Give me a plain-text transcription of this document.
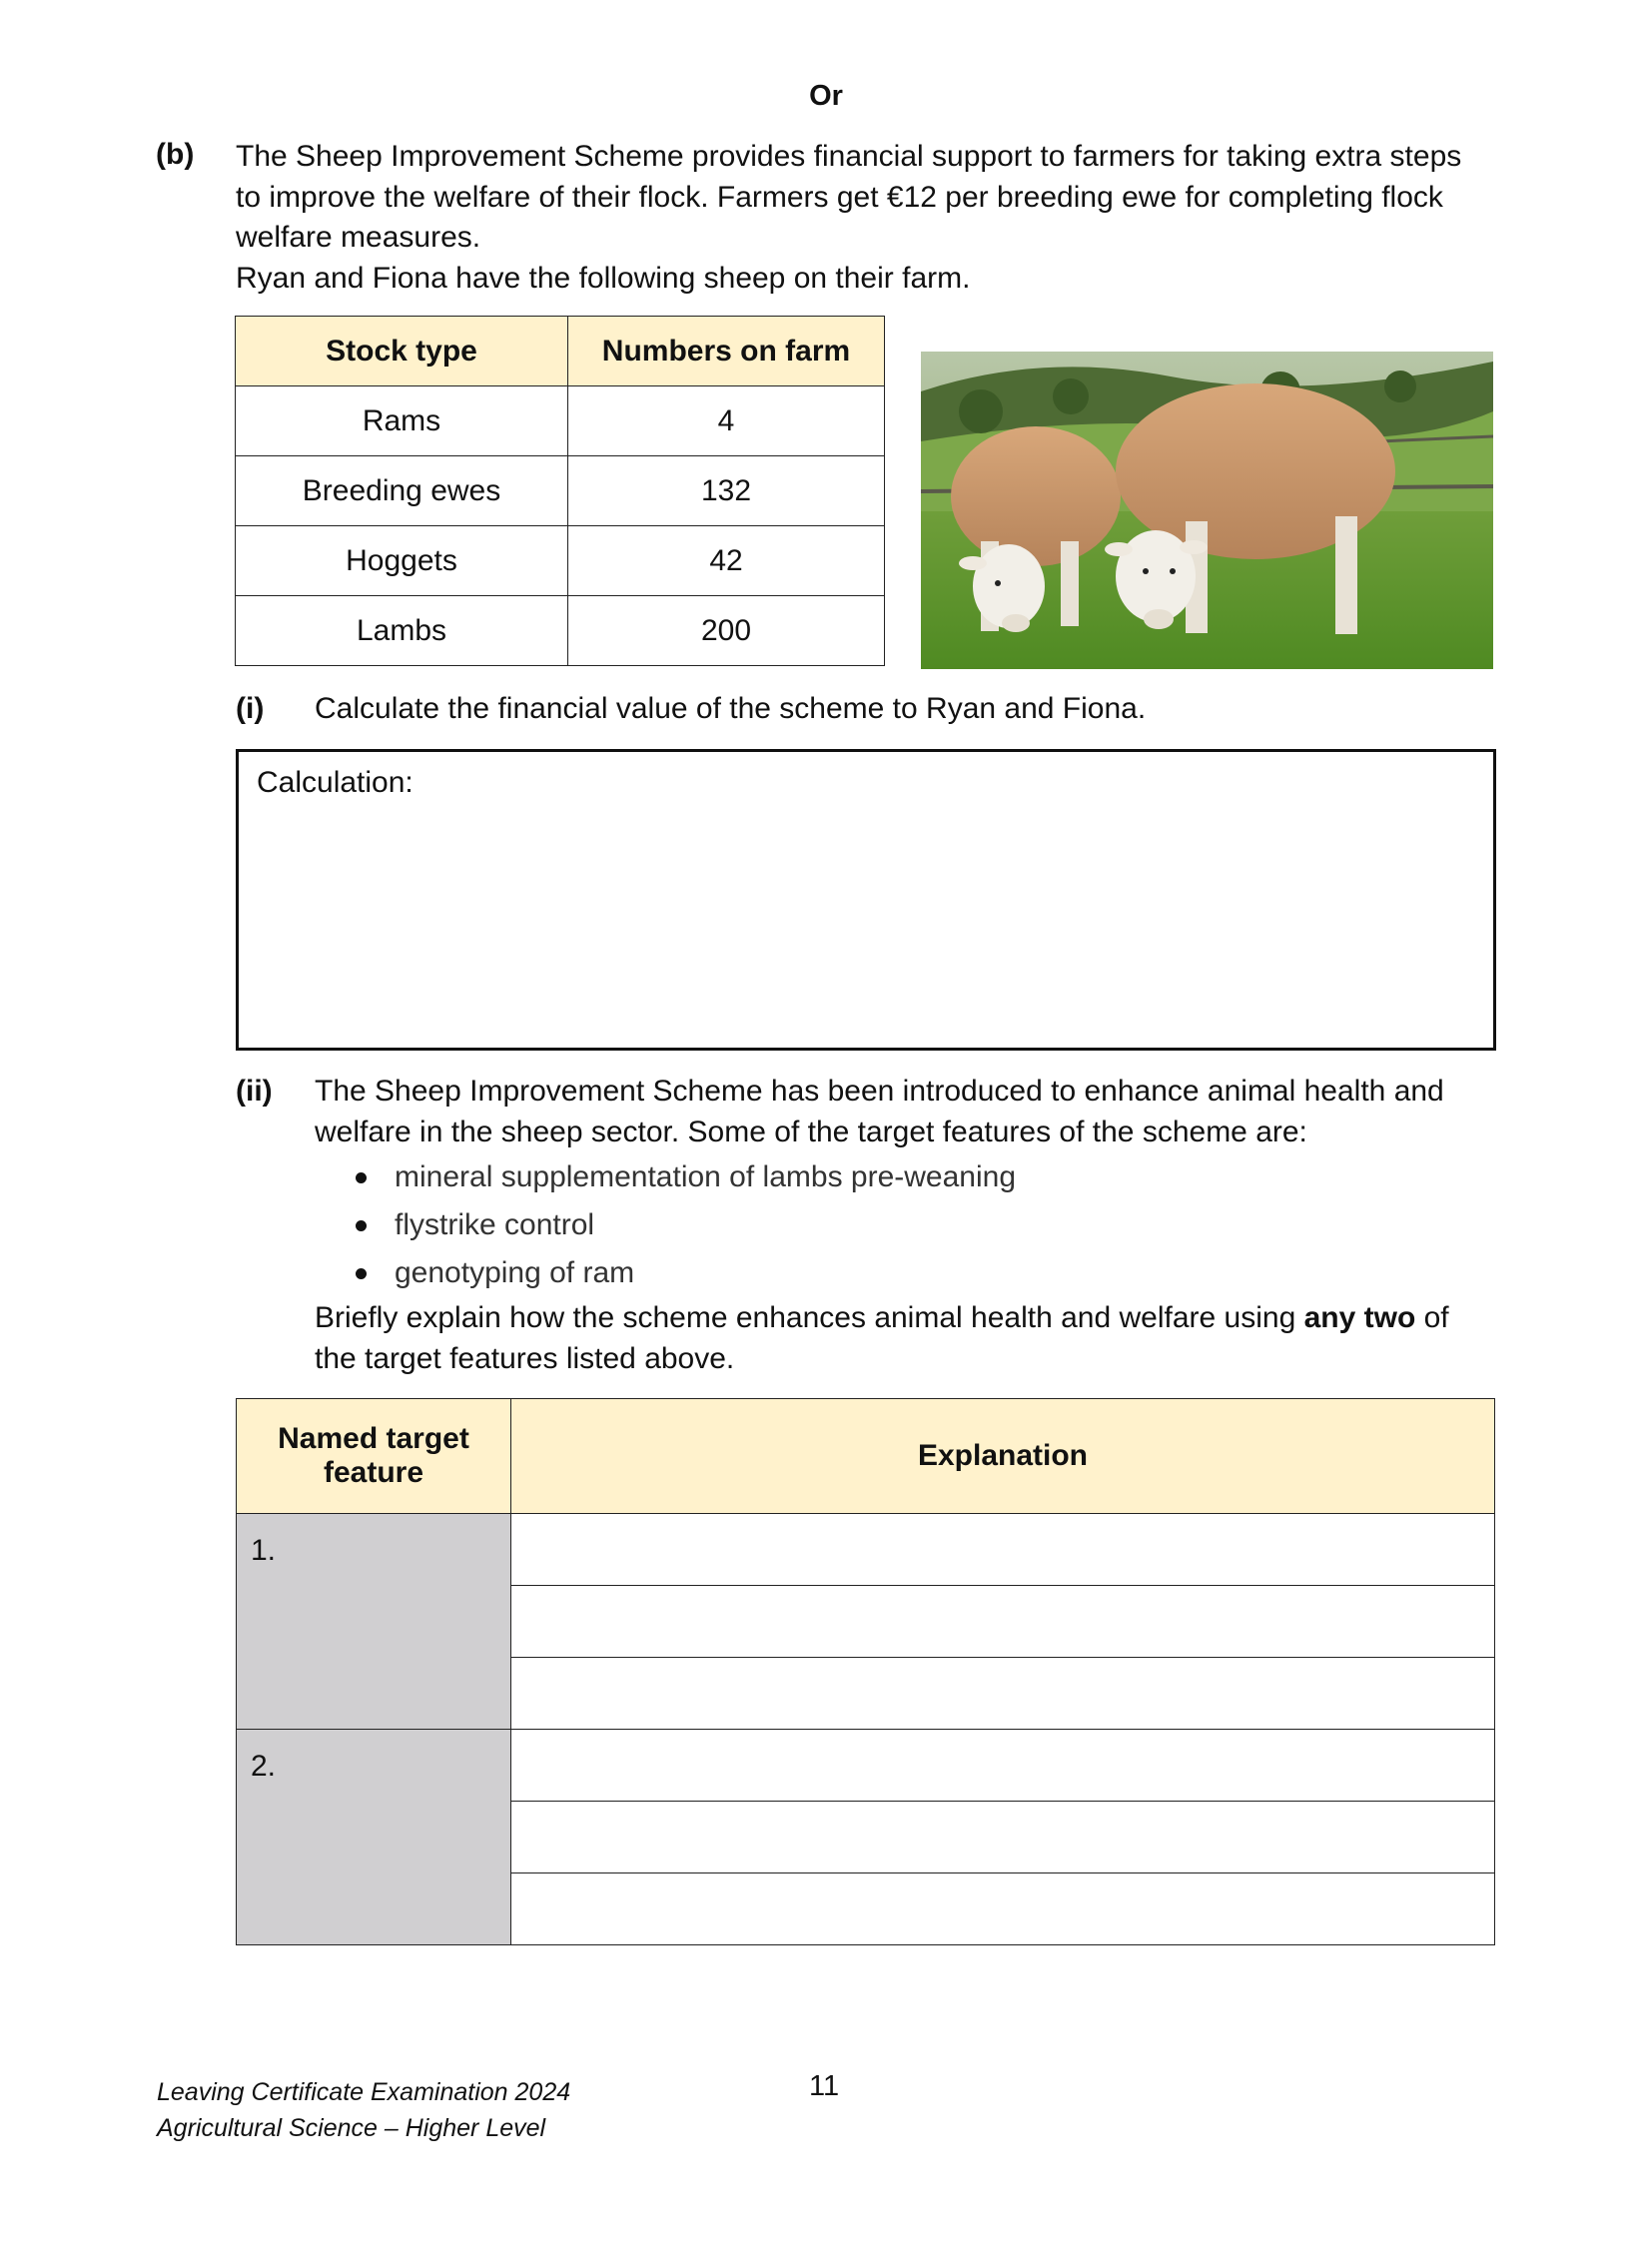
Or
(b) The Sheep Improvement Scheme provides financial support to farmers for taking extra steps

to improve the welfare of their flock. Farmers get €12 per breeding ewe for completing flock

welfare measures.

Ryan and Fiona have the following sheep on their farm.

Stock type	Numbers on farm
Rams	4
Breeding ewes	132
Hoggets	42
Lambs	200
(i) Calculate the financial value of the scheme to Ryan and Fiona.
Calculation:
(ii) The Sheep Improvement Scheme has been introduced to enhance animal health and
welfare in the sheep sector. Some of the target features of the scheme are:
mineral supplementation of lambs pre-weaning
flystrike control
genotyping of ram
Briefly explain how the scheme enhances animal health and welfare using any two of
the target features listed above.
Named target feature	Explanation

1.	

2.	

Leaving Certificate Examination 2024
Agricultural Science – Higher Level
11
